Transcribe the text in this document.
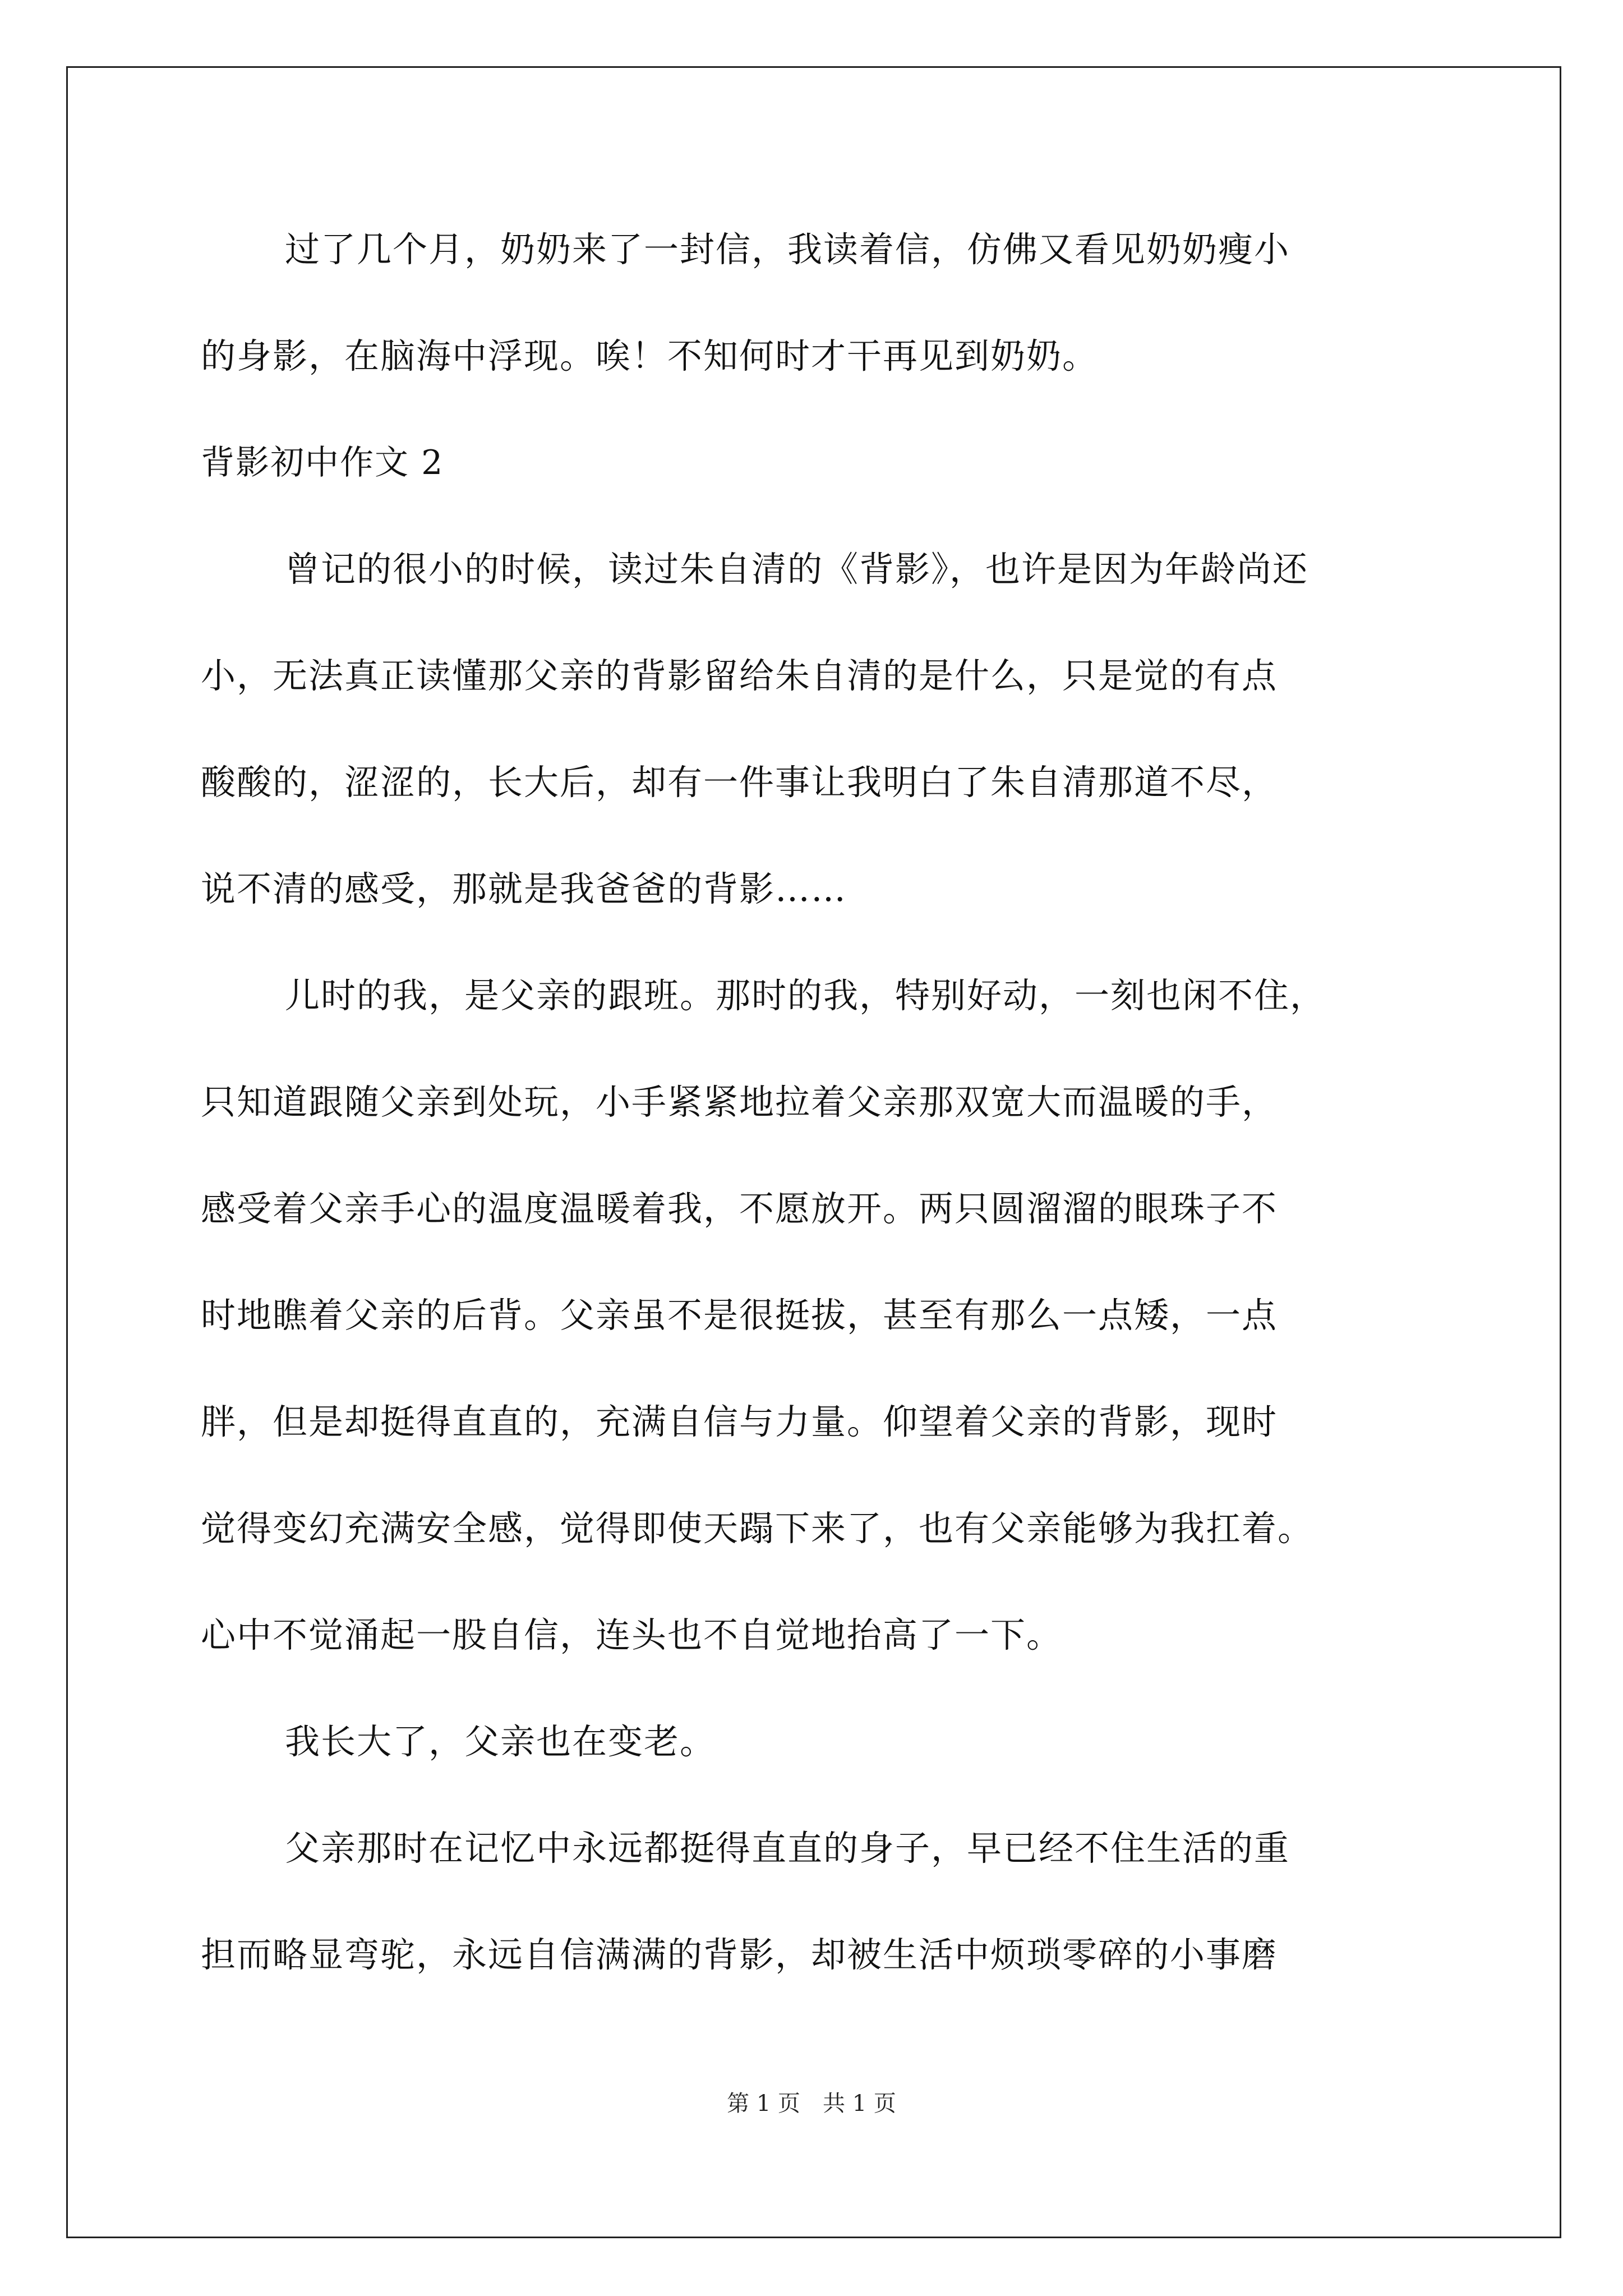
过了几个月，奶奶来了一封信，我读着信，仿佛又看见奶奶瘦小
的身影，在脑海中浮现。唉！不知何时才干再见到奶奶。
背影初中作文 2
曾记的很小的时候，读过朱自清的《背影》，也许是因为年龄尚还
小，无法真正读懂那父亲的背影留给朱自清的是什么，只是觉的有点
酸酸的，涩涩的，长大后，却有一件事让我明白了朱自清那道不尽，
说不清的感受，那就是我爸爸的背影……
儿时的我，是父亲的跟班。那时的我，特别好动，一刻也闲不住，
只知道跟随父亲到处玩，小手紧紧地拉着父亲那双宽大而温暖的手，
感受着父亲手心的温度温暖着我，不愿放开。两只圆溜溜的眼珠子不
时地瞧着父亲的后背。父亲虽不是很挺拔，甚至有那么一点矮，一点
胖，但是却挺得直直的，充满自信与力量。仰望着父亲的背影，现时
觉得变幻充满安全感，觉得即使天蹋下来了，也有父亲能够为我扛着。
心中不觉涌起一股自信，连头也不自觉地抬高了一下。
我长大了，父亲也在变老。
父亲那时在记忆中永远都挺得直直的身子，早已经不住生活的重
担而略显弯驼，永远自信满满的背影，却被生活中烦琐零碎的小事磨
第 1 页　共 1 页
